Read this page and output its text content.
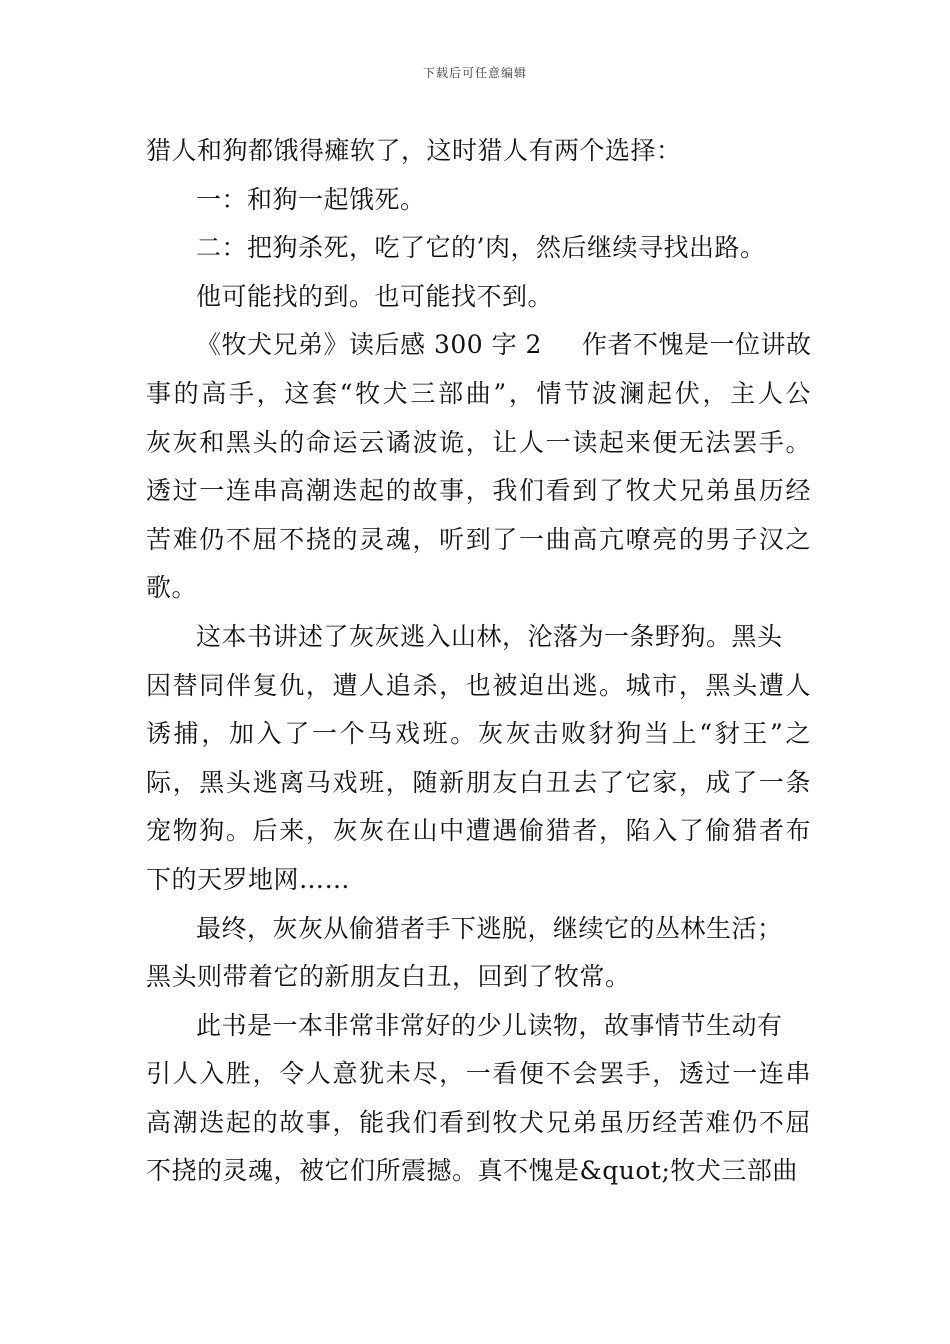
下载后可任意编辑
猎人和狗都饿得瘫软了，这时猎人有两个选择：
一：和狗一起饿死。
二：把狗杀死，吃了它的’肉，然后继续寻找出路。
他可能找的到。也可能找不到。
《牧犬兄弟》读后感 300 字 2 作者不愧是一位讲故
事的高手，这套“牧犬三部曲”，情节波澜起伏，主人公
灰灰和黑头的命运云谲波诡，让人一读起来便无法罢手。
透过一连串高潮迭起的故事，我们看到了牧犬兄弟虽历经
苦难仍不屈不挠的灵魂，听到了一曲高亢嘹亮的男子汉之
歌。
这本书讲述了灰灰逃入山林，沦落为一条野狗。黑头
因替同伴复仇，遭人追杀，也被迫出逃。城市，黑头遭人
诱捕，加入了一个马戏班。灰灰击败豺狗当上“豺王”之
际，黑头逃离马戏班，随新朋友白丑去了它家，成了一条
宠物狗。后来，灰灰在山中遭遇偷猎者，陷入了偷猎者布
下的天罗地网……
最终，灰灰从偷猎者手下逃脱，继续它的丛林生活；
黑头则带着它的新朋友白丑，回到了牧常。
此书是一本非常非常好的少儿读物，故事情节生动有
引人入胜，令人意犹未尽，一看便不会罢手，透过一连串
高潮迭起的故事，能我们看到牧犬兄弟虽历经苦难仍不屈
不挠的灵魂，被它们所震撼。真不愧是&quot;牧犬三部曲
